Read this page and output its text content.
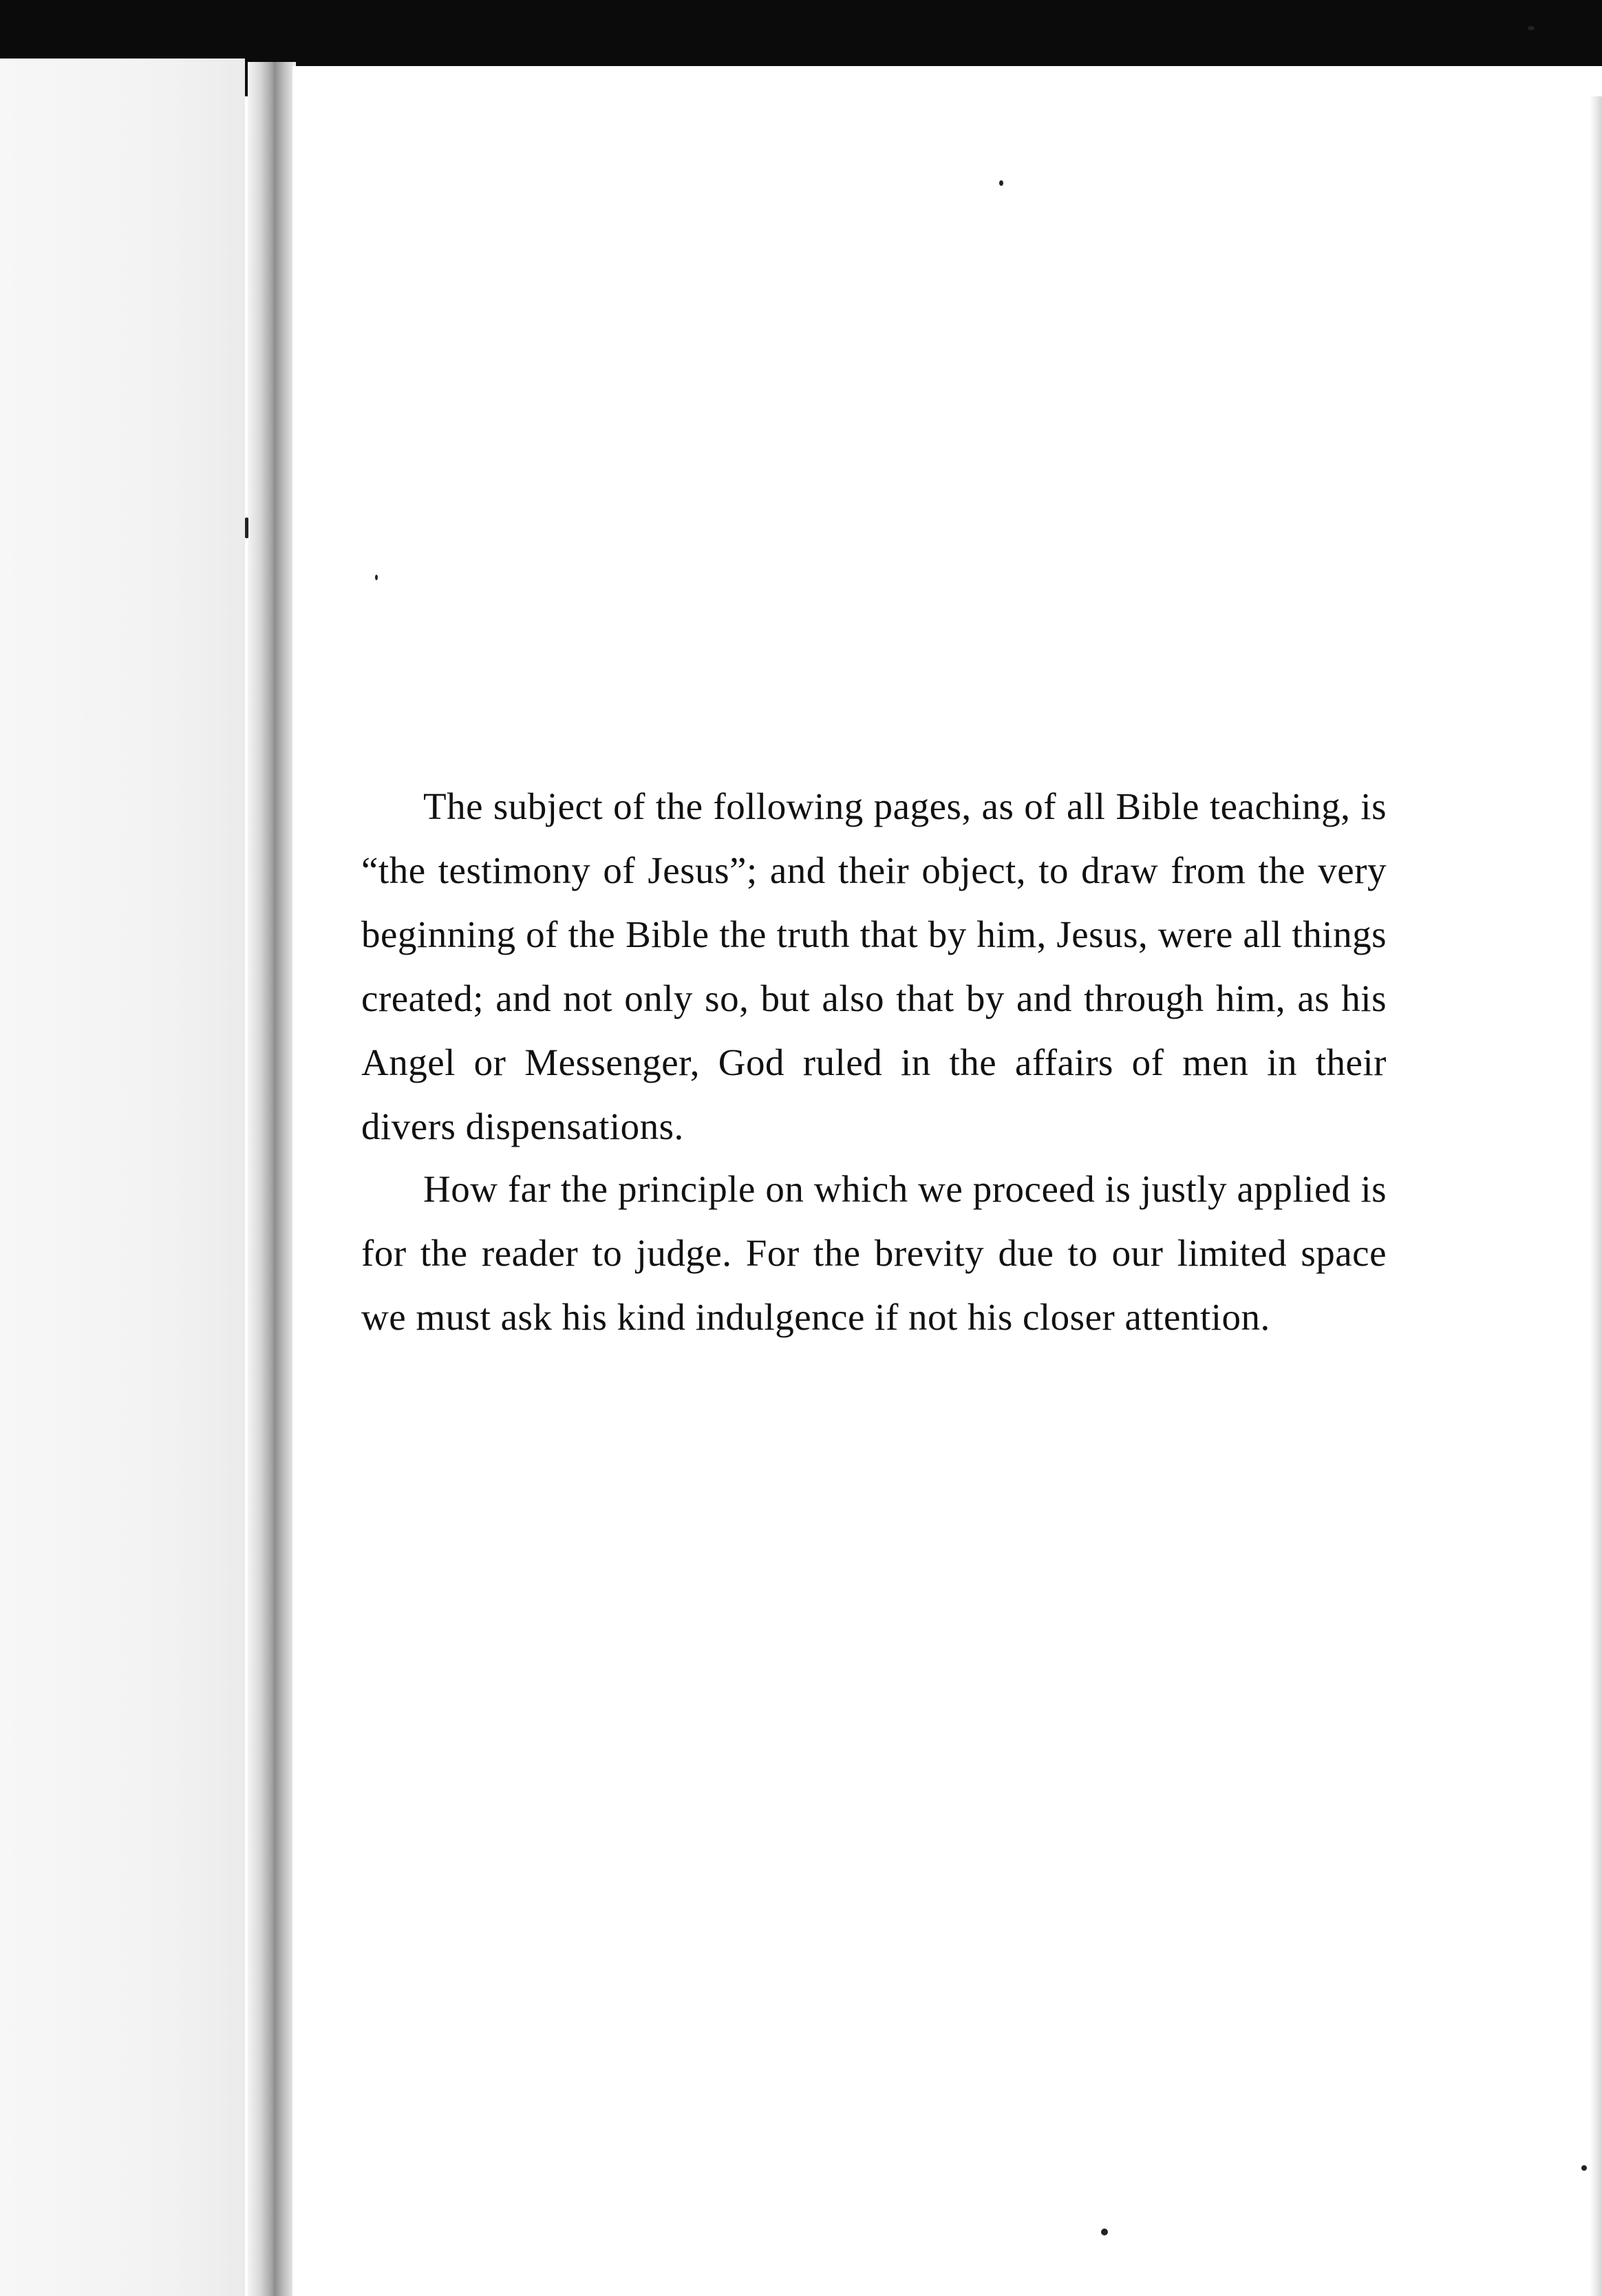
The subject of the following pages, as of all Bible teaching, is “the testimony of Jesus”; and their object, to draw from the very beginning of the Bible the truth that by him, Jesus, were all things created; and not only so, but also that by and through him, as his Angel or Messenger, God ruled in the affairs of men in their divers dispensations.

How far the principle on which we proceed is justly applied is for the reader to judge. For the brevity due to our limited space we must ask his kind indulgence if not his closer attention.
